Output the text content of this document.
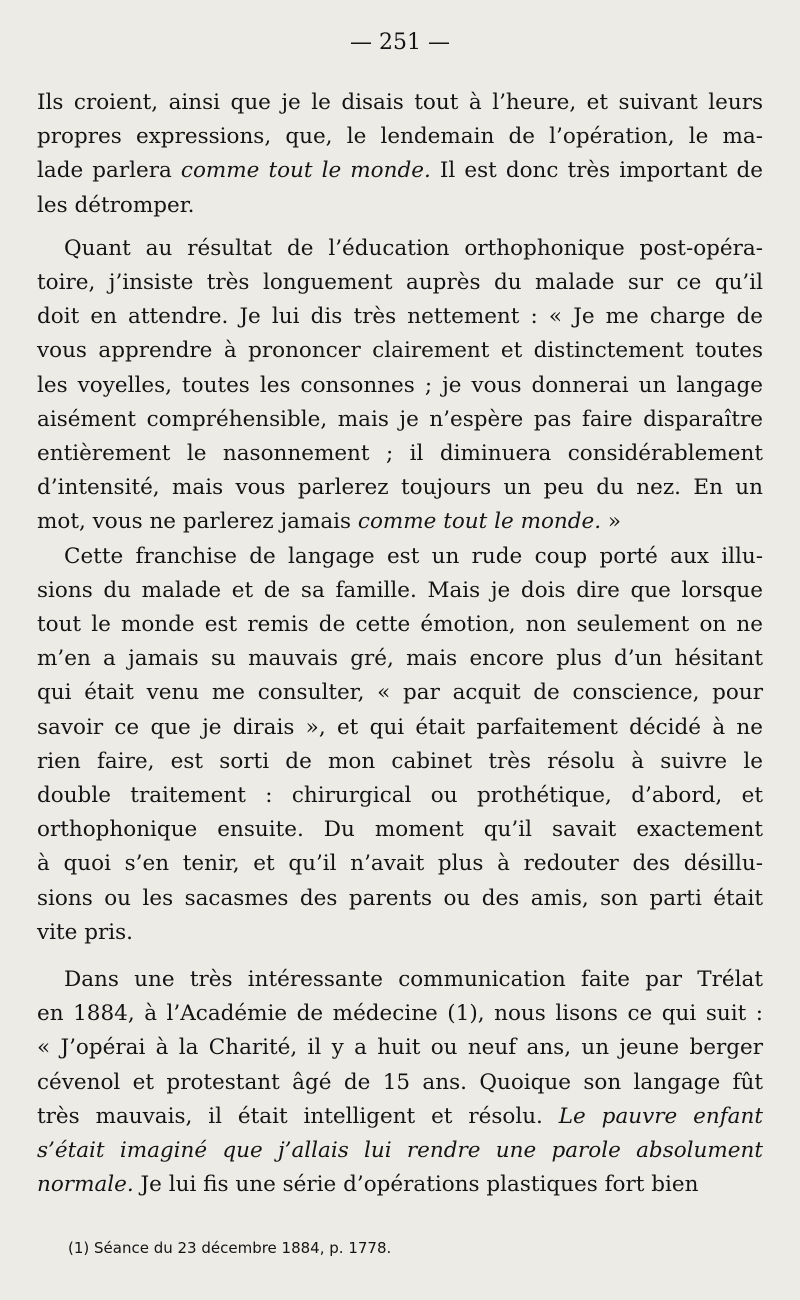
— 251 —

Ils croient, ainsi que je le disais tout à l’heure, et suivant leurs

propres expressions, que, le lendemain de l’opération, le ma-

lade parlera comme tout le monde. Il est donc très important de

les détromper.

Quant au résultat de l’éducation orthophonique post-opéra-

toire, j’insiste très longuement auprès du malade sur ce qu’il

doit en attendre. Je lui dis très nettement : « Je me charge de

vous apprendre à prononcer clairement et distinctement toutes

les voyelles, toutes les consonnes ; je vous donnerai un langage

aisément compréhensible, mais je n’espère pas faire disparaître

entièrement le nasonnement ; il diminuera considérablement

d’intensité, mais vous parlerez toujours un peu du nez. En un

mot, vous ne parlerez jamais comme tout le monde. »

Cette franchise de langage est un rude coup porté aux illu-

sions du malade et de sa famille. Mais je dois dire que lorsque

tout le monde est remis de cette émotion, non seulement on ne

m’en a jamais su mauvais gré, mais encore plus d’un hésitant

qui était venu me consulter, « par acquit de conscience, pour

savoir ce que je dirais », et qui était parfaitement décidé à ne

rien faire, est sorti de mon cabinet très résolu à suivre le

double traitement : chirurgical ou prothétique, d’abord, et

orthophonique ensuite. Du moment qu’il savait exactement

à quoi s’en tenir, et qu’il n’avait plus à redouter des désillu-

sions ou les sacasmes des parents ou des amis, son parti était

vite pris.

Dans une très intéressante communication faite par Trélat

en 1884, à l’Académie de médecine (1), nous lisons ce qui suit :

« J’opérai à la Charité, il y a huit ou neuf ans, un jeune berger

cévenol et protestant âgé de 15 ans. Quoique son langage fût

très mauvais, il était intelligent et résolu. Le pauvre enfant

s’était imaginé que j’allais lui rendre une parole absolument

normale. Je lui fis une série d’opérations plastiques fort bien

(1) Séance du 23 décembre 1884, p. 1778.
